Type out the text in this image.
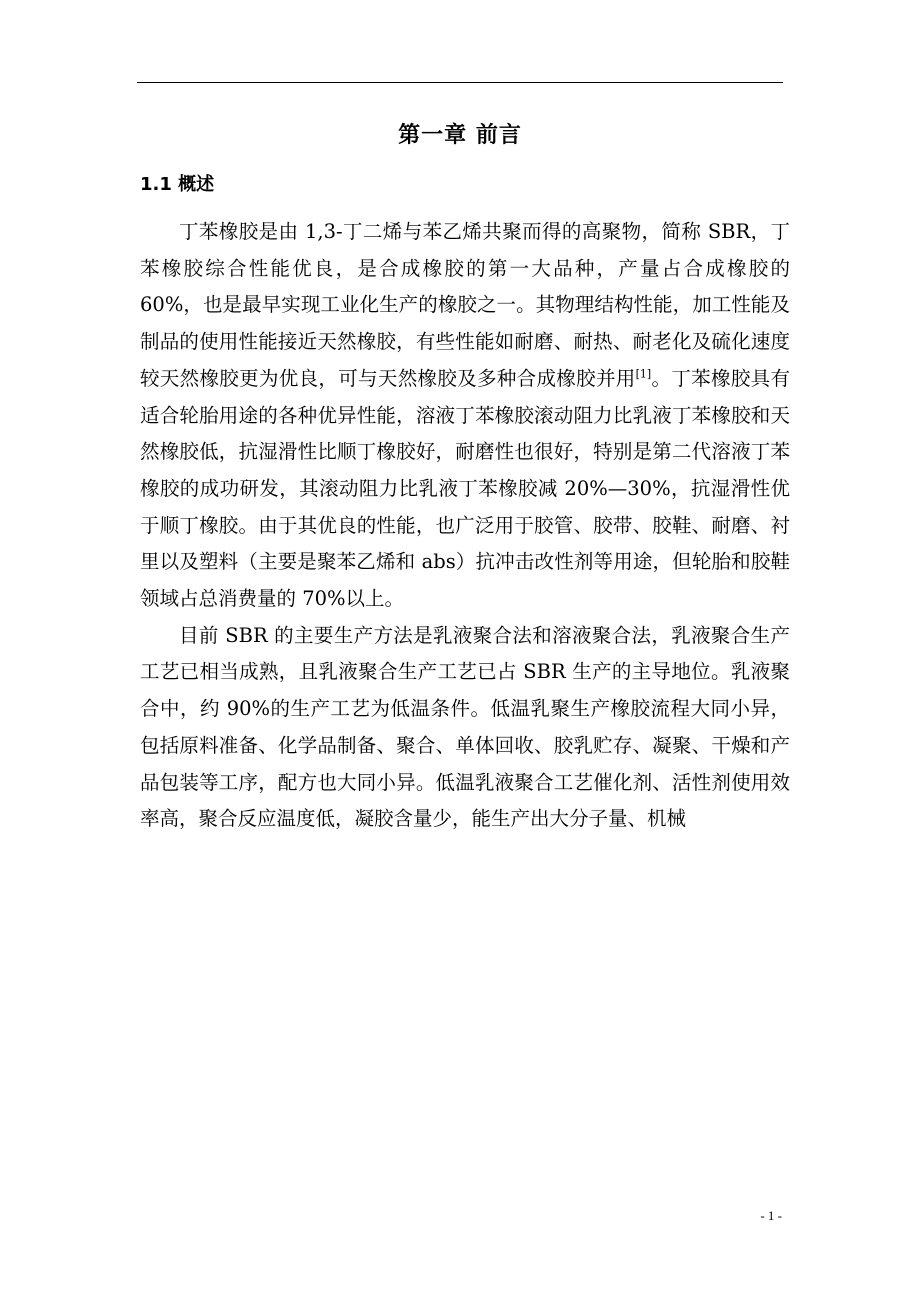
第一章 前言
1.1 概述

丁苯橡胶是由 1,3-丁二烯与苯乙烯共聚而得的高聚物，简称 SBR，丁苯橡胶综合性能优良，是合成橡胶的第一大品种，产量占合成橡胶的 60%，也是最早实现工业化生产的橡胶之一。其物理结构性能，加工性能及制品的使用性能接近天然橡胶，有些性能如耐磨、耐热、耐老化及硫化速度较天然橡胶更为优良，可与天然橡胶及多种合成橡胶并用[1]。丁苯橡胶具有适合轮胎用途的各种优异性能，溶液丁苯橡胶滚动阻力比乳液丁苯橡胶和天然橡胶低，抗湿滑性比顺丁橡胶好，耐磨性也很好，特别是第二代溶液丁苯橡胶的成功研发，其滚动阻力比乳液丁苯橡胶减 20%—30%，抗湿滑性优于顺丁橡胶。由于其优良的性能，也广泛用于胶管、胶带、胶鞋、耐磨、衬里以及塑料（主要是聚苯乙烯和 abs）抗冲击改性剂等用途，但轮胎和胶鞋领域占总消费量的 70%以上。

目前 SBR 的主要生产方法是乳液聚合法和溶液聚合法，乳液聚合生产工艺已相当成熟，且乳液聚合生产工艺已占 SBR 生产的主导地位。乳液聚合中，约 90%的生产工艺为低温条件。低温乳聚生产橡胶流程大同小异，包括原料准备、化学品制备、聚合、单体回收、胶乳贮存、凝聚、干燥和产品包装等工序，配方也大同小异。低温乳液聚合工艺催化剂、活性剂使用效率高，聚合反应温度低，凝胶含量少，能生产出大分子量、机械

- 1 -
